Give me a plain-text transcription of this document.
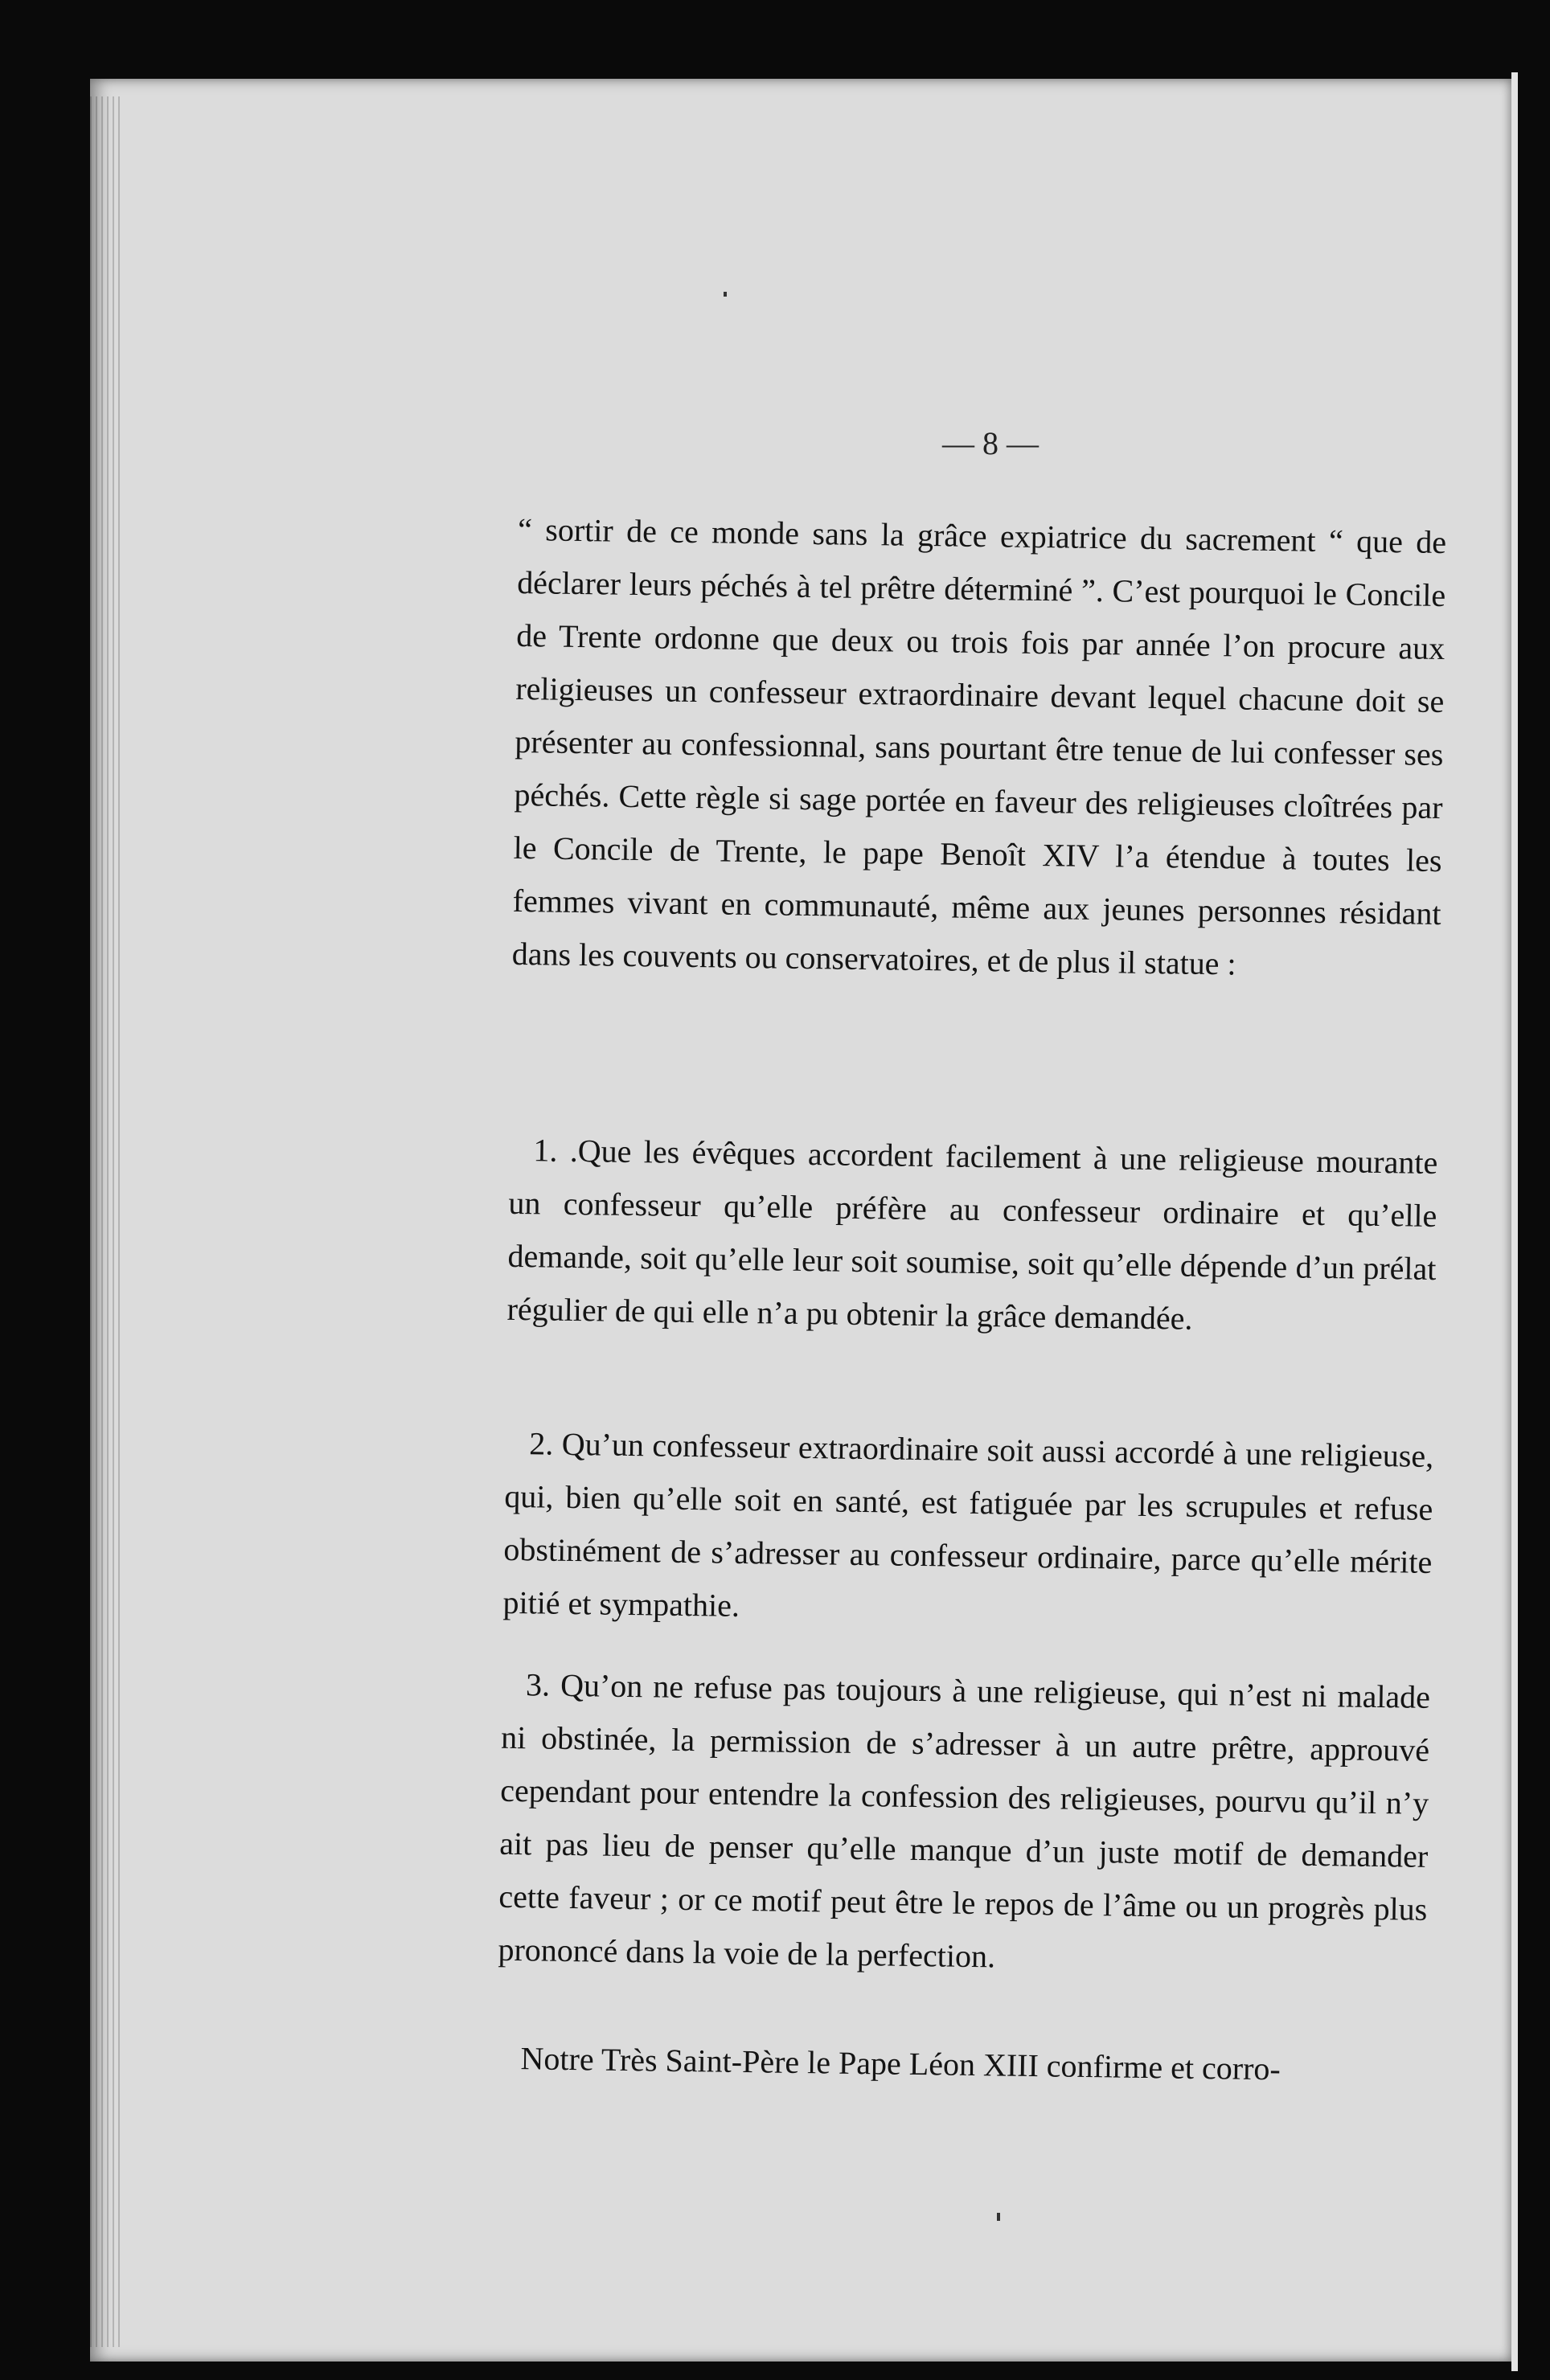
— 8 —

“ sortir de ce monde sans la grâce expiatrice du sacrement “ que de déclarer leurs péchés à tel prêtre déterminé ”. C’est pourquoi le Concile de Trente ordonne que deux ou trois fois par année l’on procure aux religieuses un confesseur extraordinaire devant lequel chacune doit se présenter au confessionnal, sans pourtant être tenue de lui confesser ses péchés. Cette règle si sage portée en faveur des religieuses cloîtrées par le Concile de Trente, le pape Benoît XIV l’a étendue à toutes les femmes vivant en communauté, même aux jeunes personnes résidant dans les couvents ou conservatoires, et de plus il statue :

1. .Que les évêques accordent facilement à une religieuse mourante un confesseur qu’elle préfère au confesseur ordinaire et qu’elle demande, soit qu’elle leur soit soumise, soit qu’elle dépende d’un prélat régulier de qui elle n’a pu obtenir la grâce demandée.

2. Qu’un confesseur extraordinaire soit aussi accordé à une religieuse, qui, bien qu’elle soit en santé, est fatiguée par les scrupules et refuse obstinément de s’adresser au confesseur ordinaire, parce qu’elle mérite pitié et sympathie.

3. Qu’on ne refuse pas toujours à une religieuse, qui n’est ni malade ni obstinée, la permission de s’adresser à un autre prêtre, approuvé cependant pour entendre la confession des religieuses, pourvu qu’il n’y ait pas lieu de penser qu’elle manque d’un juste motif de demander cette faveur ; or ce motif peut être le repos de l’âme ou un progrès plus prononcé dans la voie de la perfection.

Notre Très Saint-Père le Pape Léon XIII confirme et corro-
